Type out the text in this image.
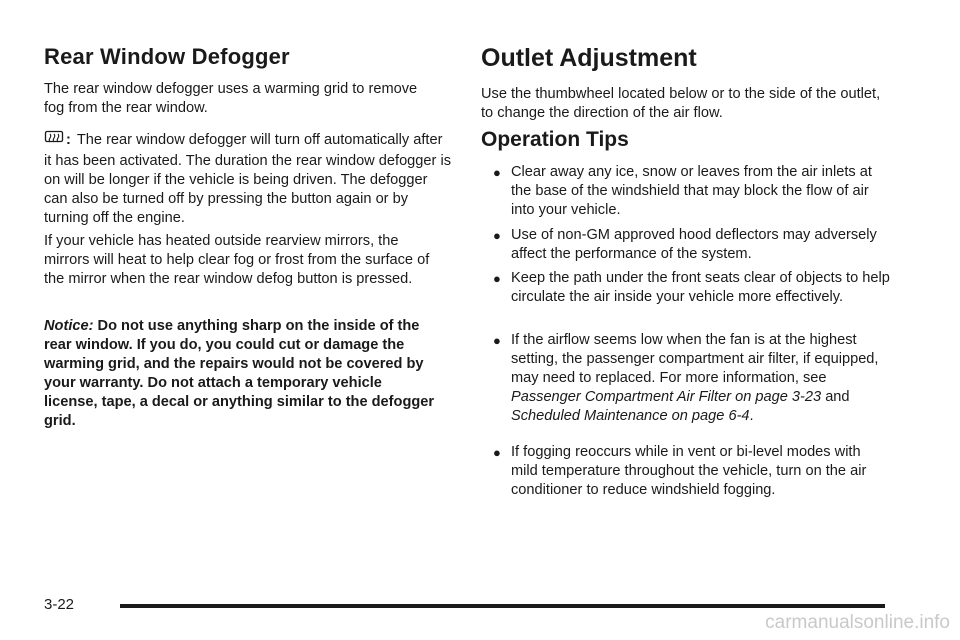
Rear Window Defogger

The rear window defogger uses a warming grid to remove fog from the rear window.

: The rear window defogger will turn off automatically after it has been activated. The duration the rear window defogger is on will be longer if the vehicle is being driven. The defogger can also be turned off by pressing the button again or by turning off the engine.

If your vehicle has heated outside rearview mirrors, the mirrors will heat to help clear fog or frost from the surface of the mirror when the rear window defog button is pressed.

Notice: Do not use anything sharp on the inside of the rear window. If you do, you could cut or damage the warming grid, and the repairs would not be covered by your warranty. Do not attach a temporary vehicle license, tape, a decal or anything similar to the defogger grid.

Outlet Adjustment

Use the thumbwheel located below or to the side of the outlet, to change the direction of the air flow.

Operation Tips
● Clear away any ice, snow or leaves from the air inlets at the base of the windshield that may block the flow of air into your vehicle.
● Use of non-GM approved hood deflectors may adversely affect the performance of the system.
● Keep the path under the front seats clear of objects to help circulate the air inside your vehicle more effectively.
● If the airflow seems low when the fan is at the highest setting, the passenger compartment air filter, if equipped, may need to replaced. For more information, see Passenger Compartment Air Filter on page 3-23 and Scheduled Maintenance on page 6-4.
● If fogging reoccurs while in vent or bi-level modes with mild temperature throughout the vehicle, turn on the air conditioner to reduce windshield fogging.
3-22
carmanualsonline.info
